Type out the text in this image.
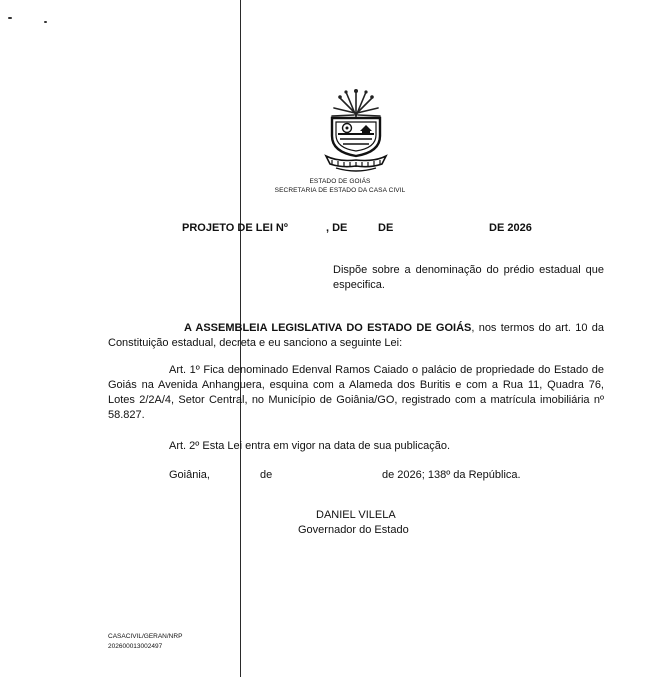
ESTADO DE GOIÁS
SECRETARIA DE ESTADO DA CASA CIVIL
PROJETO DE LEI Nº	, DE	DE	DE 2026
Dispõe sobre a denominação do prédio estadual que especifica.
A ASSEMBLEIA LEGISLATIVA DO ESTADO DE GOIÁS, nos termos do art. 10 da Constituição estadual, decreta e eu sanciono a seguinte Lei:
Art. 1º Fica denominado Edenval Ramos Caiado o palácio de propriedade do Estado de Goiás na Avenida Anhanguera, esquina com a Alameda dos Buritis e com a Rua 11, Quadra 76, Lotes 2/2A/4, Setor Central, no Município de Goiânia/GO, registrado com a matrícula imobiliária nº 58.827.
Art. 2º Esta Lei entra em vigor na data de sua publicação.
Goiânia,	de	de 2026; 138º da República.
DANIEL VILELA
Governador do Estado
CASACIVIL/GERAN/NRP
202600013002497
